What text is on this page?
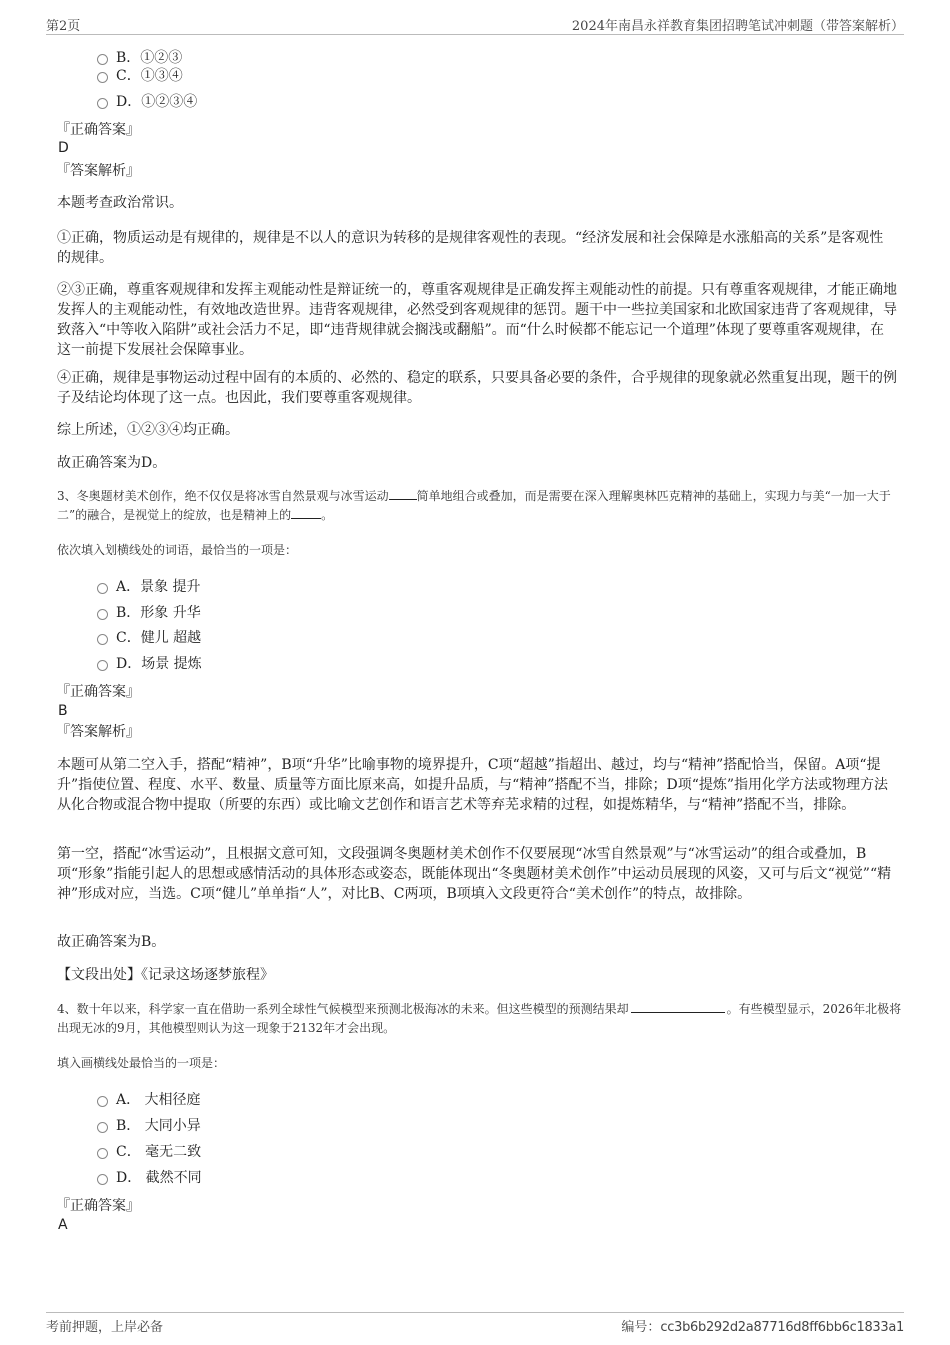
第2页	2024年南昌永祥教育集团招聘笔试冲刺题（带答案解析）
B．①②③
C．①③④
D．①②③④
『正确答案』
D
『答案解析』
本题考查政治常识。
①正确，物质运动是有规律的，规律是不以人的意识为转移的是规律客观性的表现。“经济发展和社会保障是水涨船高的关系”是客观性的规律。
②③正确，尊重客观规律和发挥主观能动性是辩证统一的，尊重客观规律是正确发挥主观能动性的前提。只有尊重客观规律，才能正确地发挥人的主观能动性，有效地改造世界。违背客观规律，必然受到客观规律的惩罚。题干中一些拉美国家和北欧国家违背了客观规律，导致落入“中等收入陷阱”或社会活力不足，即“违背规律就会搁浅或翻船”。而“什么时候都不能忘记一个道理”体现了要尊重客观规律，在这一前提下发展社会保障事业。
④正确，规律是事物运动过程中固有的本质的、必然的、稳定的联系，只要具备必要的条件，合乎规律的现象就必然重复出现，题干的例子及结论均体现了这一点。也因此，我们要尊重客观规律。
综上所述，①②③④均正确。
故正确答案为D。
3、冬奥题材美术创作，绝不仅仅是将冰雪自然景观与冰雪运动 简单地组合或叠加，而是需要在深入理解奥林匹克精神的基础上，实现力与美“一加一大于二”的融合，是视觉上的绽放，也是精神上的	。
依次填入划横线处的词语，最恰当的一项是：
A．景象 提升
B．形象 升华
C．健儿 超越
D．场景 提炼
『正确答案』
B
『答案解析』
本题可从第二空入手，搭配“精神”，B项“升华”比喻事物的境界提升，C项“超越”指超出、越过，均与“精神”搭配恰当，保留。A项“提升”指使位置、程度、水平、数量、质量等方面比原来高，如提升品质，与“精神”搭配不当，排除；D项“提炼”指用化学方法或物理方法从化合物或混合物中提取（所要的东西）或比喻文艺创作和语言艺术等弃芜求精的过程，如提炼精华，与“精神”搭配不当，排除。
第一空，搭配“冰雪运动”，且根据文意可知，文段强调冬奥题材美术创作不仅要展现“冰雪自然景观”与“冰雪运动”的组合或叠加，B项“形象”指能引起人的思想或感情活动的具体形态或姿态，既能体现出“冬奥题材美术创作”中运动员展现的风姿，又可与后文“视觉”“精神”形成对应，当选。C项“健儿”单单指“人”，对比B、C两项，B项填入文段更符合“美术创作”的特点，故排除。
故正确答案为B。
【文段出处】《记录这场逐梦旅程》
4、数十年以来，科学家一直在借助一系列全球性气候模型来预测北极海冰的未来。但这些模型的预测结果却	。有些模型显示，2026年北极将出现无冰的9月，其他模型则认为这一现象于2132年才会出现。
填入画横线处最恰当的一项是：
A． 大相径庭
B． 大同小异
C． 毫无二致
D． 截然不同
『正确答案』
A
考前押题，上岸必备	编号：cc3b6b292d2a87716d8ff6bb6c1833a1
